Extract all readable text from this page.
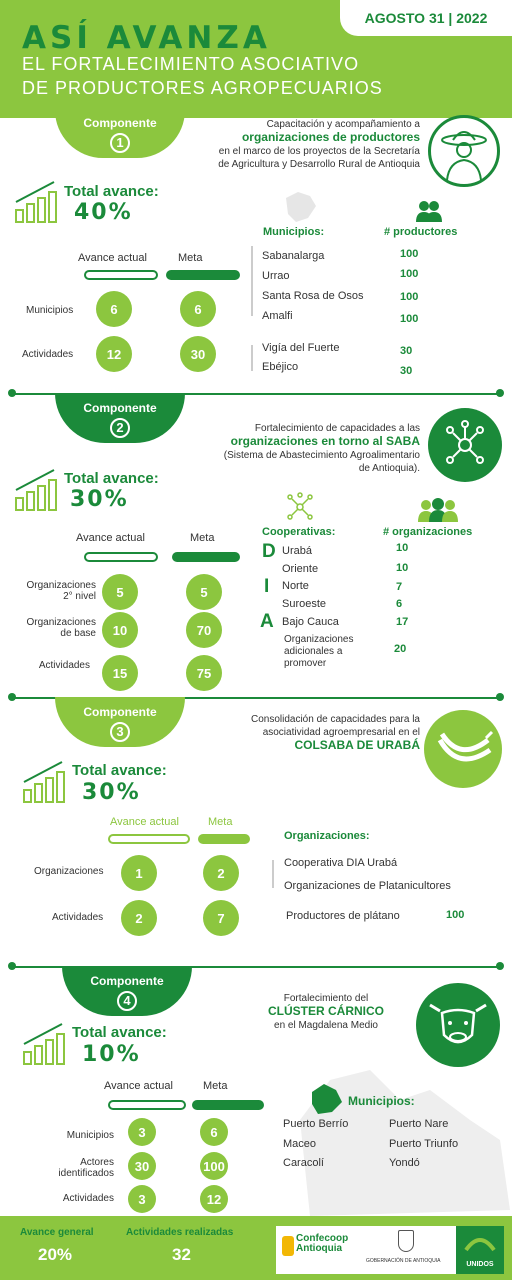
AGOSTO 31 | 2022
ASÍ AVANZA
EL FORTALECIMIENTO ASOCIATIVO
DE PRODUCTORES AGROPECUARIOS
Componente
1
Capacitación y acompañamiento a
organizaciones de productores
en el marco de los proyectos de la Secretaría
de Agricultura y Desarrollo Rural de Antioquia
Total avance:
40%
Avance actual	Meta
Municipios	6	6
Actividades	12	30
Municipios:	# productores
Sabanalarga	100
Urrao	100
Santa Rosa de Osos	100
Amalfi	100
Vigía del Fuerte	30
Ebéjico	30
Componente
2	Fortalecimiento de capacidades a las
organizaciones en torno al SABA
(Sistema de Abastecimiento Agroalimentario
de Antioquia).
Total avance:
30%
Avance actual	Meta
Organizaciones
2° nivel	5	5
Organizaciones
de base	10	70
Actividades	15	75
Cooperativas:	# organizaciones
D
I
A
Urabá	10
Oriente	10
Norte	7
Suroeste	6
Bajo Cauca	17
Organizaciones
adicionales a
promover
20
Componente
3
Consolidación de capacidades para la
asociatividad agroempresarial en el
COLSABA DE URABÁ
Total avance:
30%
Avance actual	Meta
Organizaciones	1	2
Actividades	2	7
Organizaciones:
Cooperativa DIA Urabá
Organizaciones de Platanicultores
Productores de plátano	100
Componente
4	Fortalecimiento del
CLÚSTER CÁRNICO
en el Magdalena Medio
Total avance:
10%
Avance actual	Meta
Municipios	3	6
Actores
identificados	30	100
Actividades	3	12
Municipios:
Puerto Berrío
Maceo
Caracolí
Puerto Nare
Puerto Triunfo
Yondó
Avance general
20%
Actividades realizadas
32
Confecoop
Antioquia
GOBERNACIÓN DE ANTIOQUIA	UNIDOS
